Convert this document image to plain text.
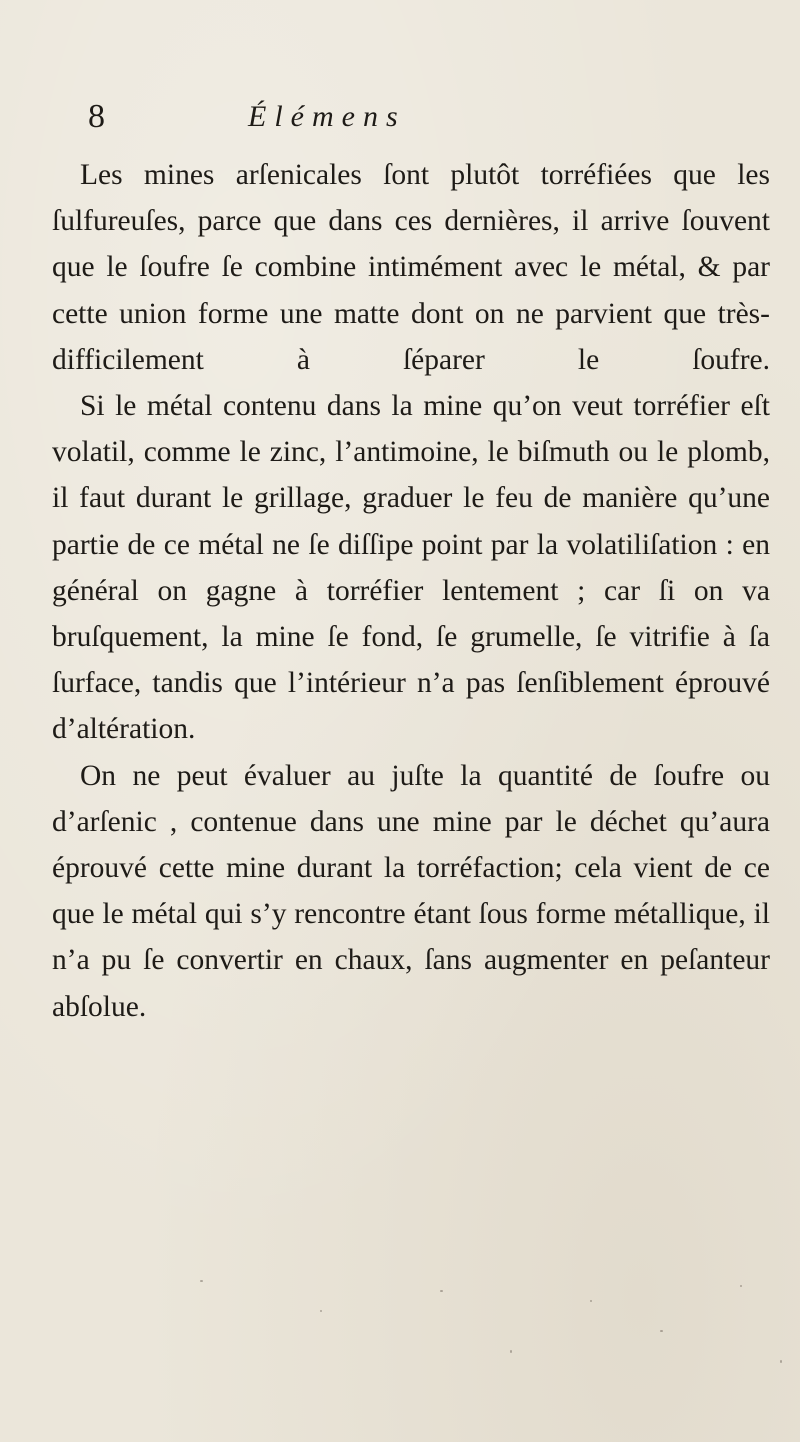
8	Élémens

Les mines arſenicales ſont plutôt torréfiées que les ſulfureuſes, parce que dans ces dernières, il arrive ſouvent que le ſoufre ſe combine intimément avec le métal, & par cette union forme une matte dont on ne parvient que très-difficilement à ſéparer le ſoufre.

Si le métal contenu dans la mine qu’on veut torréfier eſt volatil, comme le zinc, l’antimoine, le biſmuth ou le plomb, il faut durant le grillage, graduer le feu de manière qu’une partie de ce métal ne ſe diſſipe point par la volatiliſation : en général on gagne à torréfier lentement ; car ſi on va bruſquement, la mine ſe fond, ſe grumelle, ſe vitrifie à ſa ſurface, tandis que l’intérieur n’a pas ſenſiblement éprouvé d’altération.

On ne peut évaluer au juſte la quantité de ſoufre ou d’arſenic , contenue dans une mine par le déchet qu’aura éprouvé cette mine durant la torréfaction; cela vient de ce que le métal qui s’y rencontre étant ſous forme métallique, il n’a pu ſe convertir en chaux, ſans augmenter en peſanteur abſolue.
